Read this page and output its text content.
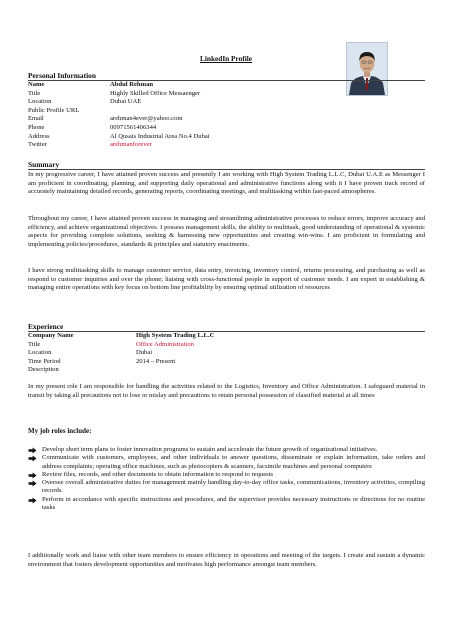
LinkedIn Profile
Personal Information
Name	Abdul Rehman
Title	Highly Skilled Office Messaenger
Location	Dubai UAE
Public Profile URL
Email	arehman4ever@yahoo.com
Phone	00971561406344
Address	Al Qusais Industrial Area No.4 Dubai
Twitter	arehmanforever
Summary

In my progressive career, I have attained proven success and presently I am working with High System Trading L.L.C, Dubai U.A.E as Messenger I am proficient in coordinating, planning, and supporting daily operational and administrative functions along with it I have proven track record of accurately maintaining detailed records, generating reports, coordinating meetings, and multitasking within fast-paced atmospheres.

Throughout my career, I have attained proven success in managing and streamlining administrative processes to reduce errors, improve accuracy and efficiency, and achieve organizational objectives. I possess management skills, the ability to multitask, good understanding of operational & systemic aspects for providing complete solutions, seeking & harnessing new opportunities and creating win-wins. I am proficient in formulating and implementing policies/procedures, standards & principles and statutory enactments.

I have strong multitasking skills to manage customer service, data entry, invoicing, inventory control, returns processing, and purchasing as well as respond to customer inquiries and over the phone; liaising with cross-functional people in support of customer needs. I am expert in establishing & managing entire operations with key focus on bottom line profitability by ensuring optimal utilization of resources

Experience
Company Name	High System Trading L.L.C
Title	Office Administration
Location	Dubai
Time Period	2014 – Present
Description

In my present role I am responsible for handling the activities related to the Logistics, Inventory and Office Administration. I safeguard material in transit by taking all precautions not to lose or mislay and precautions to retain personal possession of classified material at all times

My job roles include:
Develop short term plans to foster innovation programs to sustain and accelerate the future growth of organizational initiatives.
Communicate with customers, employees, and other individuals to answer questions, disseminate or explain information, take orders and address complaints; operating office machines, such as photocopiers & scanners, facsimile machines and personal computers
Review files, records, and other documents to obtain information to respond to requests
Oversee overall administrative duties for management mainly handling day-to-day office tasks, communications, inventory activities, compiling records.
Perform in accordance with specific instructions and procedures, and the supervisor provides necessary instructions or directions for no routine tasks

I additionally work and liaise with other team members to ensure efficiency in operations and meeting of the targets. I create and sustain a dynamic environment that fosters development opportunities and motivates high performance amongst team members.
